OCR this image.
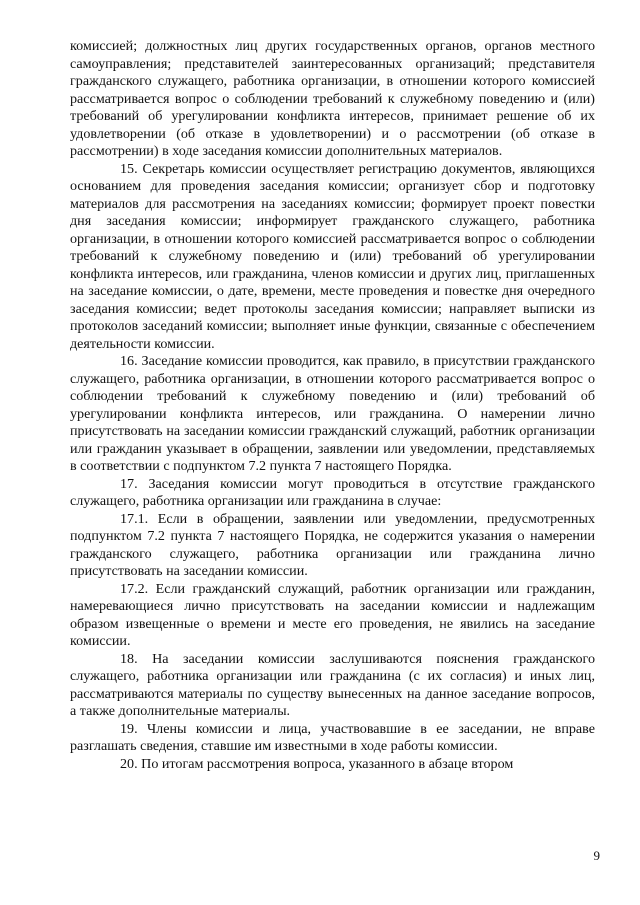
комиссией; должностных лиц других государственных органов, органов местного самоуправления; представителей заинтересованных организаций; представителя гражданского служащего, работника организации, в отношении которого комиссией рассматривается вопрос о соблюдении требований к служебному поведению и (или) требований об урегулировании конфликта интересов, принимает решение об их удовлетворении (об отказе в удовлетворении) и о рассмотрении (об отказе в рассмотрении) в ходе заседания комиссии дополнительных материалов.

15. Секретарь комиссии осуществляет регистрацию документов, являющихся основанием для проведения заседания комиссии; организует сбор и подготовку материалов для рассмотрения на заседаниях комиссии; формирует проект повестки дня заседания комиссии; информирует гражданского служащего, работника организации, в отношении которого комиссией рассматривается вопрос о соблюдении требований к служебному поведению и (или) требований об урегулировании конфликта интересов, или гражданина, членов комиссии и других лиц, приглашенных на заседание комиссии, о дате, времени, месте проведения и повестке дня очередного заседания комиссии; ведет протоколы заседания комиссии; направляет выписки из протоколов заседаний комиссии; выполняет иные функции, связанные с обеспечением деятельности комиссии.

16. Заседание комиссии проводится, как правило, в присутствии гражданского служащего, работника организации, в отношении которого рассматривается вопрос о соблюдении требований к служебному поведению и (или) требований об урегулировании конфликта интересов, или гражданина. О намерении лично присутствовать на заседании комиссии гражданский служащий, работник организации или гражданин указывает в обращении, заявлении или уведомлении, представляемых в соответствии с подпунктом 7.2 пункта 7 настоящего Порядка.

17. Заседания комиссии могут проводиться в отсутствие гражданского служащего, работника организации или гражданина в случае:

17.1. Если в обращении, заявлении или уведомлении, предусмотренных подпунктом 7.2 пункта 7 настоящего Порядка, не содержится указания о намерении гражданского служащего, работника организации или гражданина лично присутствовать на заседании комиссии.

17.2. Если гражданский служащий, работник организации или гражданин, намеревающиеся лично присутствовать на заседании комиссии и надлежащим образом извещенные о времени и месте его проведения, не явились на заседание комиссии.

18. На заседании комиссии заслушиваются пояснения гражданского служащего, работника организации или гражданина (с их согласия) и иных лиц, рассматриваются материалы по существу вынесенных на данное заседание вопросов, а также дополнительные материалы.

19. Члены комиссии и лица, участвовавшие в ее заседании, не вправе разглашать сведения, ставшие им известными в ходе работы комиссии.

20. По итогам рассмотрения вопроса, указанного в абзаце втором

9
